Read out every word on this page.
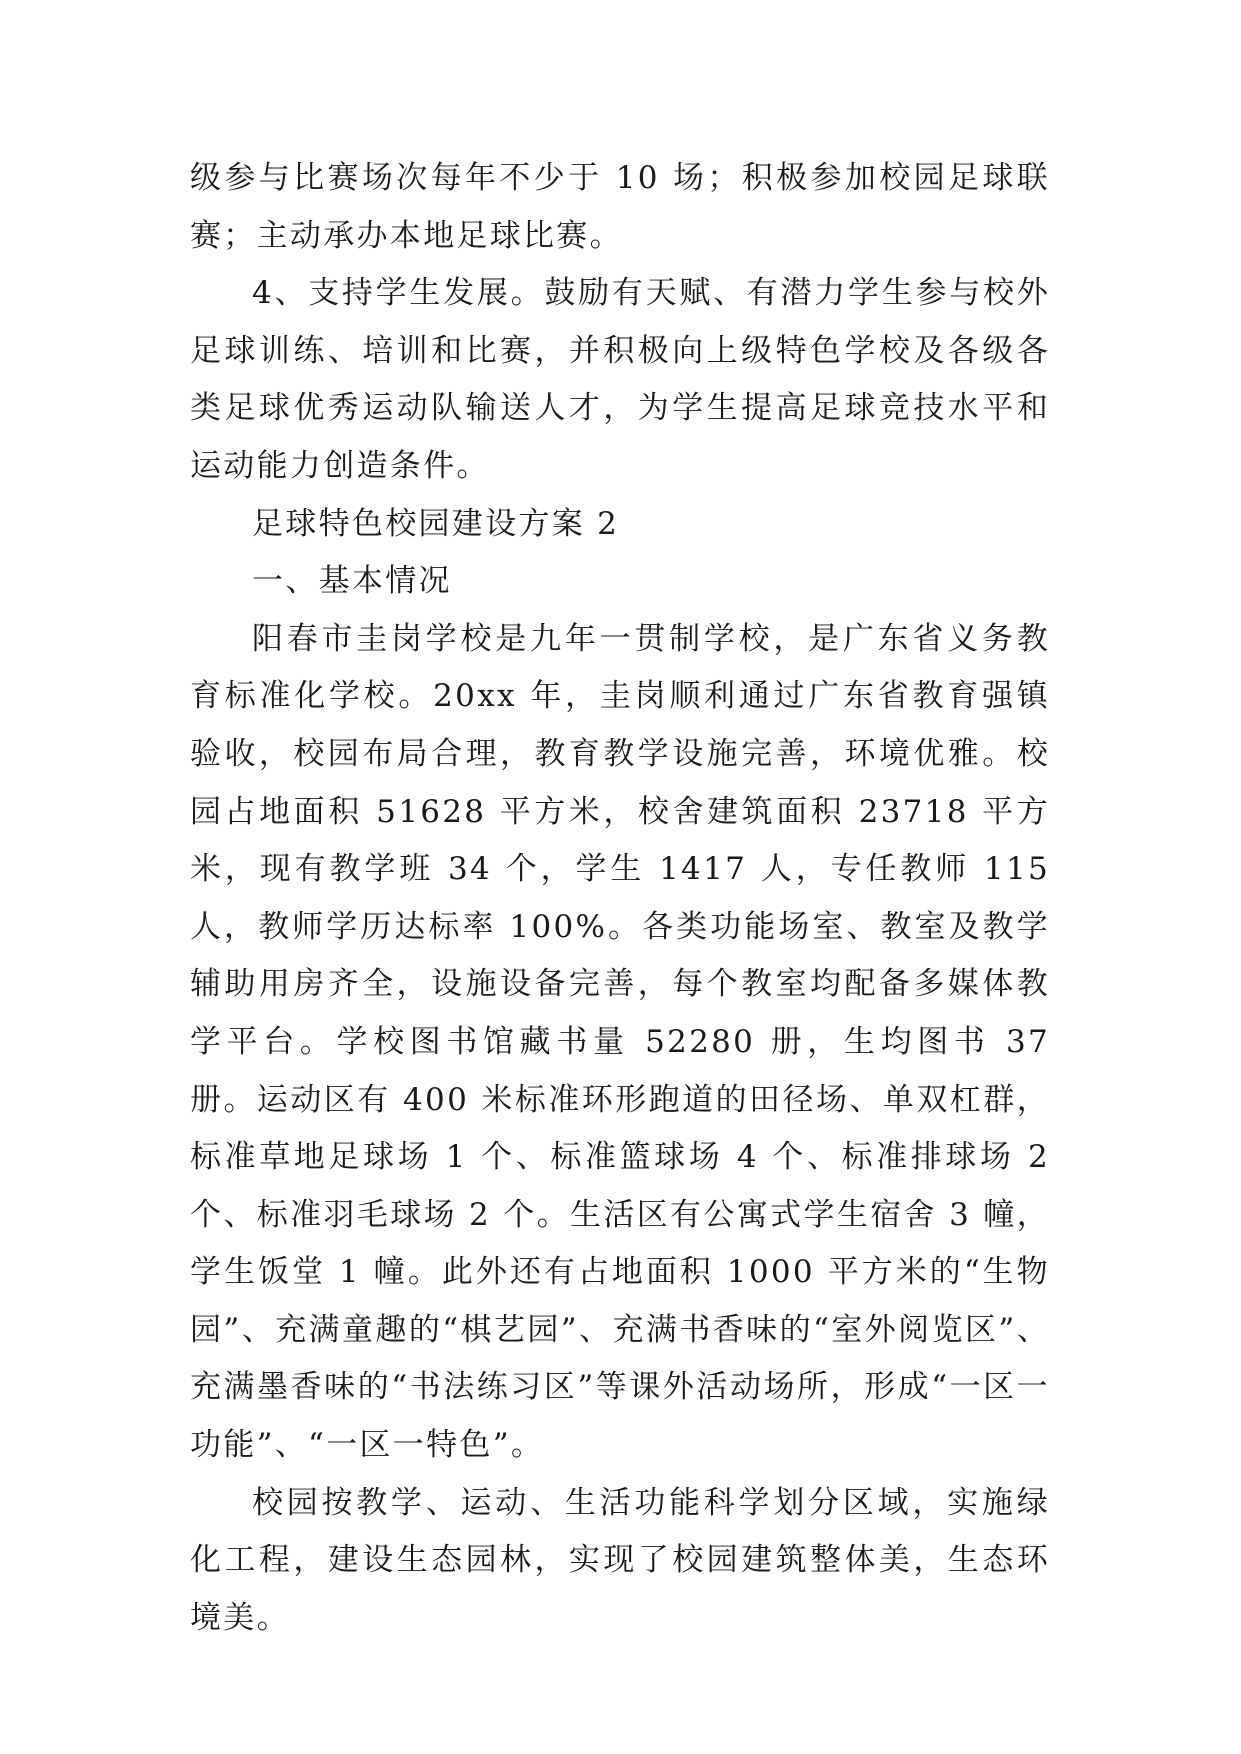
级参与比赛场次每年不少于 10 场；积极参加校园足球联赛；主动承办本地足球比赛。

4、支持学生发展。鼓励有天赋、有潜力学生参与校外足球训练、培训和比赛，并积极向上级特色学校及各级各类足球优秀运动队输送人才，为学生提高足球竞技水平和运动能力创造条件。

足球特色校园建设方案 2

一、基本情况

阳春市圭岗学校是九年一贯制学校，是广东省义务教育标准化学校。20xx 年，圭岗顺利通过广东省教育强镇验收，校园布局合理，教育教学设施完善，环境优雅。校园占地面积 51628 平方米，校舍建筑面积 23718 平方米，现有教学班 34 个，学生 1417 人，专任教师 115 人，教师学历达标率 100%。各类功能场室、教室及教学辅助用房齐全，设施设备完善，每个教室均配备多媒体教学平台。学校图书馆藏书量 52280 册，生均图书 37 册。运动区有 400 米标准环形跑道的田径场、单双杠群，标准草地足球场 1 个、标准篮球场 4 个、标准排球场 2 个、标准羽毛球场 2 个。生活区有公寓式学生宿舍 3 幢，学生饭堂 1 幢。此外还有占地面积 1000 平方米的“生物园”、充满童趣的“棋艺园”、充满书香味的“室外阅览区”、充满墨香味的“书法练习区”等课外活动场所，形成“一区一功能”、“一区一特色”。

校园按教学、运动、生活功能科学划分区域，实施绿化工程，建设生态园林，实现了校园建筑整体美，生态环境美。
